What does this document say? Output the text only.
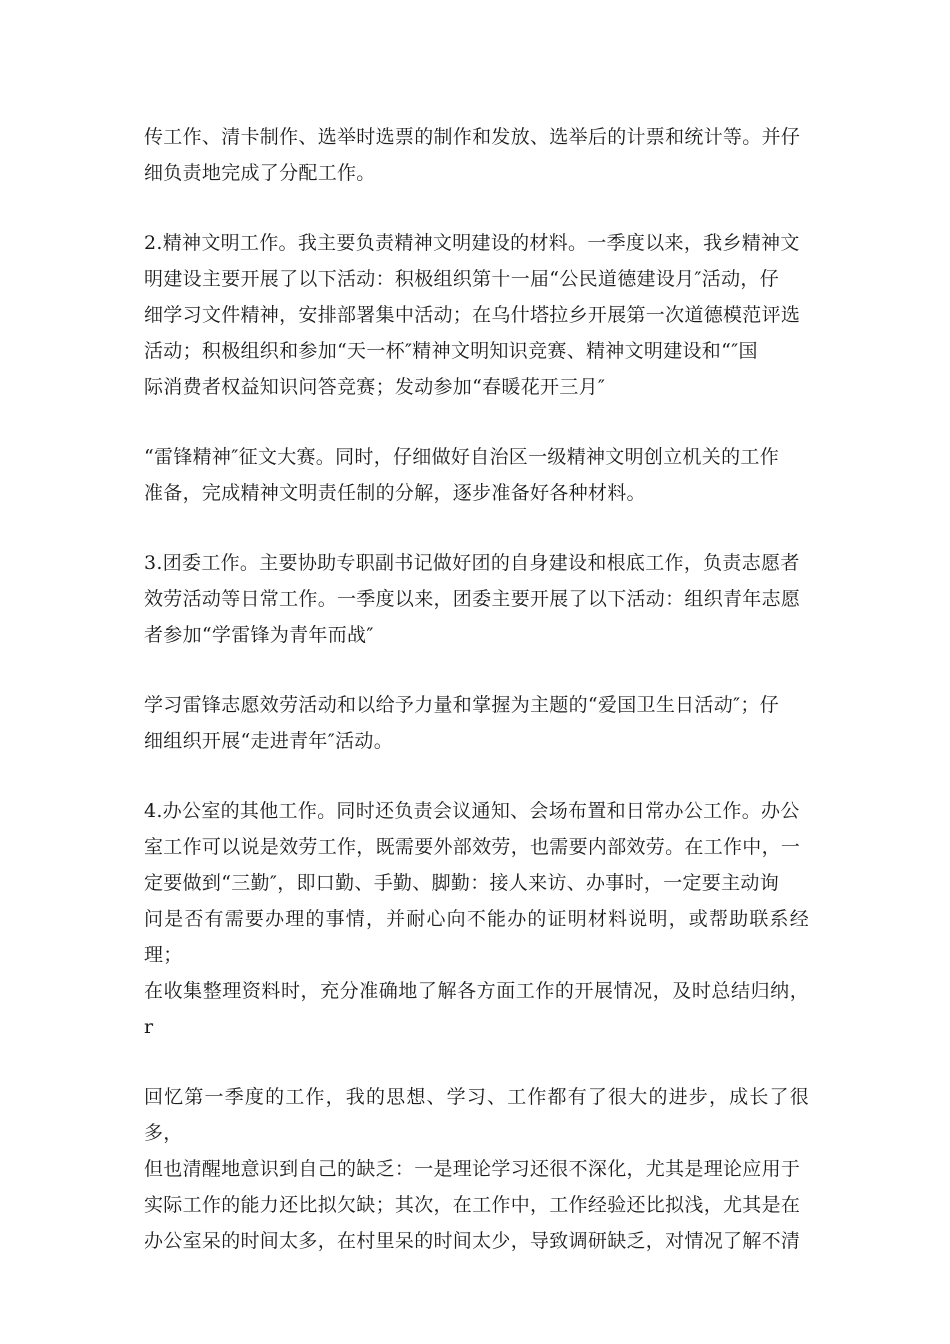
传工作、清卡制作、选举时选票的制作和发放、选举后的计票和统计等。并仔
细负责地完成了分配工作。

2.精神文明工作。我主要负责精神文明建设的材料。一季度以来，我乡精神文
明建设主要开展了以下活动：积极组织第十一届“公民道德建设月″活动，仔
细学习文件精神，安排部署集中活动；在乌什塔拉乡开展第一次道德模范评选
活动；积极组织和参加“天一杯″精神文明知识竞赛、精神文明建设和“″国
际消费者权益知识问答竞赛；发动参加“春暖花开三月″

“雷锋精神″征文大赛。同时，仔细做好自治区一级精神文明创立机关的工作
准备，完成精神文明责任制的分解，逐步准备好各种材料。

3.团委工作。主要协助专职副书记做好团的自身建设和根底工作，负责志愿者
效劳活动等日常工作。一季度以来，团委主要开展了以下活动：组织青年志愿
者参加“学雷锋为青年而战″

学习雷锋志愿效劳活动和以给予力量和掌握为主题的“爱国卫生日活动″；仔
细组织开展“走进青年″活动。

4.办公室的其他工作。同时还负责会议通知、会场布置和日常办公工作。办公
室工作可以说是效劳工作，既需要外部效劳，也需要内部效劳。在工作中，一
定要做到“三勤″，即口勤、手勤、脚勤：接人来访、办事时，一定要主动询
问是否有需要办理的事情，并耐心向不能办的证明材料说明，或帮助联系经理；
在收集整理资料时，充分准确地了解各方面工作的开展情况，及时总结归纳，r

回忆第一季度的工作，我的思想、学习、工作都有了很大的进步，成长了很多，
但也清醒地意识到自己的缺乏：一是理论学习还很不深化，尤其是理论应用于
实际工作的能力还比拟欠缺；其次，在工作中，工作经验还比拟浅，尤其是在
办公室呆的时间太多，在村里呆的时间太少，导致调研缺乏，对情况了解不清
